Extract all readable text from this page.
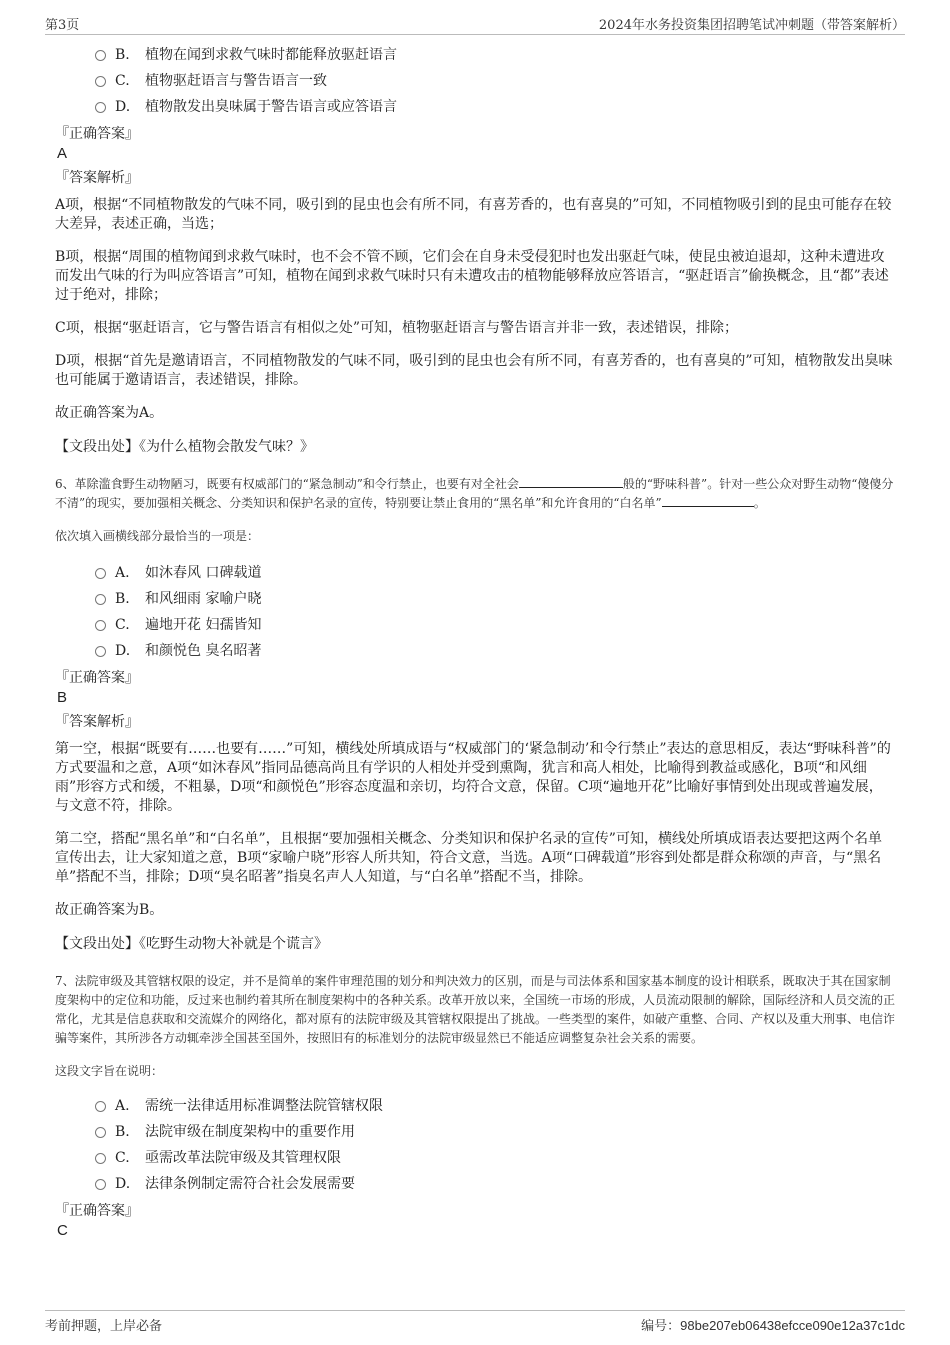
第3页	2024年水务投资集团招聘笔试冲刺题（带答案解析）
B. 植物在闻到求救气味时都能释放驱赶语言
C. 植物驱赶语言与警告语言一致
D. 植物散发出臭味属于警告语言或应答语言
『正确答案』
A
『答案解析』
A项，根据“不同植物散发的气味不同，吸引到的昆虫也会有所不同，有喜芳香的，也有喜臭的”可知，不同植物吸引到的昆虫可能存在较大差异，表述正确，当选；
B项，根据“周围的植物闻到求救气味时，也不会不管不顾，它们会在自身未受侵犯时也发出驱赶气味，使昆虫被迫退却，这种未遭进攻而发出气味的行为叫应答语言”可知，植物在闻到求救气味时只有未遭攻击的植物能够释放应答语言，“驱赶语言”偷换概念，且“都”表述过于绝对，排除；
C项，根据“驱赶语言，它与警告语言有相似之处”可知，植物驱赶语言与警告语言并非一致，表述错误，排除；
D项，根据“首先是邀请语言，不同植物散发的气味不同，吸引到的昆虫也会有所不同，有喜芳香的，也有喜臭的”可知，植物散发出臭味也可能属于邀请语言，表述错误，排除。
故正确答案为A。
【文段出处】《为什么植物会散发气味？》
6、革除滥食野生动物陋习，既要有权威部门的“紧急制动”和令行禁止，也要有对全社会	般的“野味科普”。针对一些公众对野生动物“傻傻分不清”的现实，要加强相关概念、分类知识和保护名录的宣传，特别要让禁止食用的“黑名单”和允许食用的“白名单”	。
依次填入画横线部分最恰当的一项是：
A. 如沐春风 口碑载道
B. 和风细雨 家喻户晓
C. 遍地开花 妇孺皆知
D. 和颜悦色 臭名昭著
『正确答案』
B
『答案解析』
第一空，根据“既要有……也要有……”可知，横线处所填成语与“权威部门的‘紧急制动’和令行禁止”表达的意思相反，表达“野味科普”的方式要温和之意，A项“如沐春风”指同品德高尚且有学识的人相处并受到熏陶，犹言和高人相处，比喻得到教益或感化，B项“和风细雨”形容方式和缓，不粗暴，D项“和颜悦色”形容态度温和亲切，均符合文意，保留。C项“遍地开花”比喻好事情到处出现或普遍发展，与文意不符，排除。
第二空，搭配“黑名单”和“白名单”，且根据“要加强相关概念、分类知识和保护名录的宣传”可知，横线处所填成语表达要把这两个名单宣传出去，让大家知道之意，B项“家喻户晓”形容人所共知，符合文意，当选。A项“口碑载道”形容到处都是群众称颂的声音，与“黑名单”搭配不当，排除；D项“臭名昭著”指臭名声人人知道，与“白名单”搭配不当，排除。
故正确答案为B。
【文段出处】《吃野生动物大补就是个谎言》
7、法院审级及其管辖权限的设定，并不是简单的案件审理范围的划分和判决效力的区别，而是与司法体系和国家基本制度的设计相联系，既取决于其在国家制度架构中的定位和功能，反过来也制约着其所在制度架构中的各种关系。改革开放以来，全国统一市场的形成，人员流动限制的解除，国际经济和人员交流的正常化，尤其是信息获取和交流媒介的网络化，都对原有的法院审级及其管辖权限提出了挑战。一些类型的案件，如破产重整、合同、产权以及重大刑事、电信诈骗等案件，其所涉各方动辄牵涉全国甚至国外，按照旧有的标准划分的法院审级显然已不能适应调整复杂社会关系的需要。
这段文字旨在说明：
A. 需统一法律适用标准调整法院管辖权限
B. 法院审级在制度架构中的重要作用
C. 亟需改革法院审级及其管理权限
D. 法律条例制定需符合社会发展需要
『正确答案』
C
考前押题，上岸必备	编号：98be207eb06438efcce090e12a37c1dc
